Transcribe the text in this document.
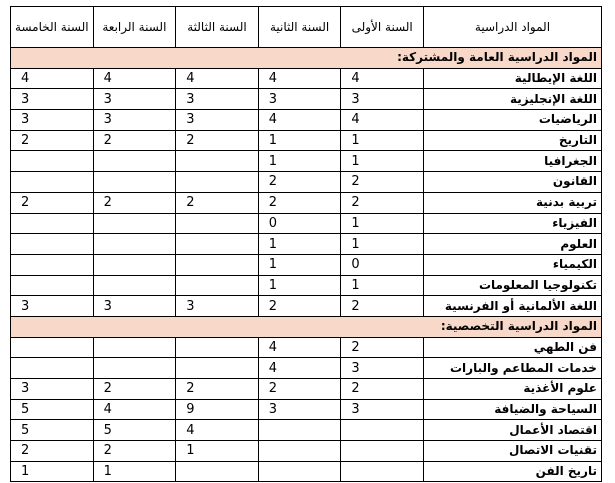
المواد الدراسية	السنة الأولى	السنة الثانية	السنة الثالثة	السنة الرابعة	السنة الخامسة
المواد الدراسية العامة والمشتركة:					
اللغة الإيطالية	4	4	4	4	4
اللغة الإنجليزية	3	3	3	3	3
الرياضيات	4	4	3	3	3
التاريخ	1	1	2	2	2
الجغرافيا	1	1			
القانون	2	2			
تربية بدنية	2	2	2	2	2
الفيزياء	1	0			
العلوم	1	1			
الكيمياء	0	1			
تكنولوجيا المعلومات	1	1			
اللغة الألمانية أو الفرنسية	2	2	3	3	3
المواد الدراسية التخصصية:					
فن الطهي	2	4			
خدمات المطاعم والبارات	3	4			
علوم الأغذية	2	2	2	2	3
السياحة والضيافة	3	3	9	4	5
اقتصاد الأعمال			4	5	5
تقنيات الاتصال			1	2	2
تاريخ الفن				1	1
